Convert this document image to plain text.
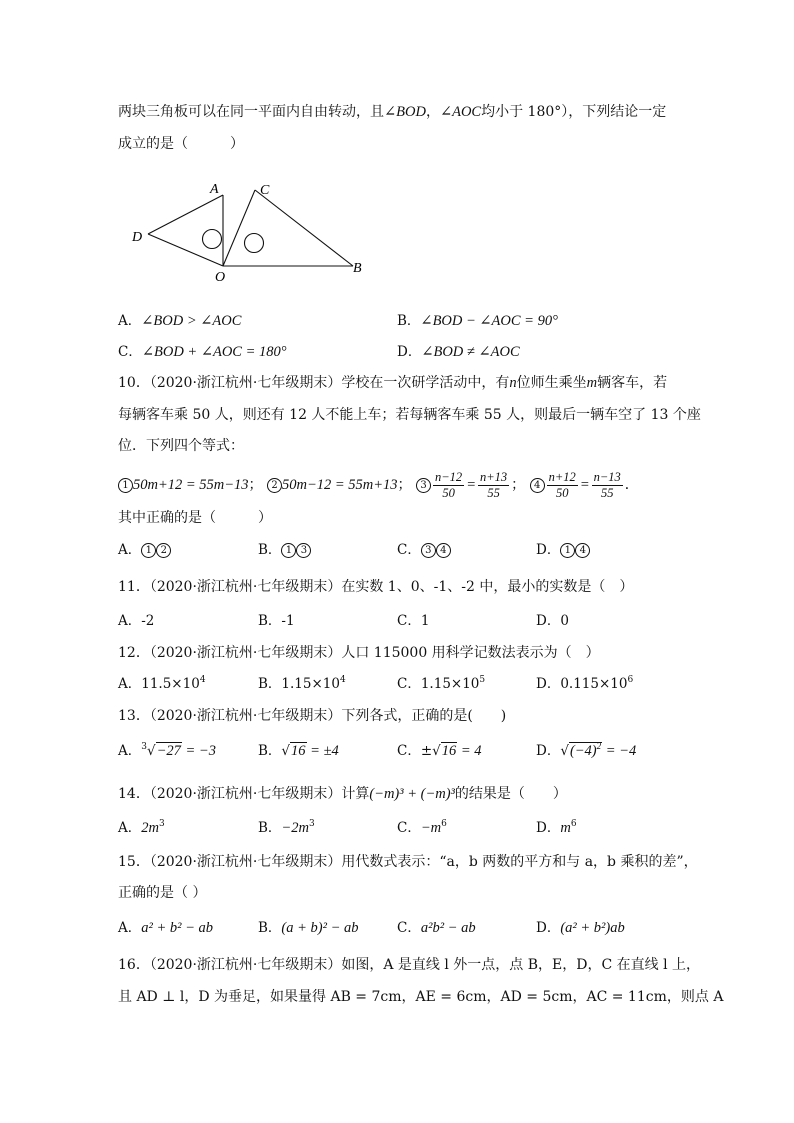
两块三角板可以在同一平面内自由转动，且∠BOD，∠AOC均小于 180°），下列结论一定
成立的是（　　　）
A	C
D
O
B
A．∠BOD > ∠AOC	B．∠BOD − ∠AOC = 90°
C．∠BOD + ∠AOC = 180°	D．∠BOD ≠ ∠AOC
10．（2020·浙江杭州·七年级期末）学校在一次研学活动中，有n位师生乘坐m辆客车，若
每辆客车乘 50 人，则还有 12 人不能上车；若每辆客车乘 55 人，则最后一辆车空了 13 个座
位．下列四个等式：
1 50m+12 = 55m−13； 2 50m−12 = 55m+13； $3 \frac{n-12}{50} = \frac{n+13}{55}$ ； $4 \frac{n+12}{50} = \frac{n-13}{55}$ ．
其中正确的是（　　　）
A． 1 2	B． 1 3	C． 3 4	D． 1 4
11．（2020·浙江杭州·七年级期末）在实数 1、0、-1、-2 中，最小的实数是（　）
A．-2	B．-1	C．1	D．0
12．（2020·浙江杭州·七年级期末）人口 115000 用科学记数法表示为（　）
A．$11.5\times 10^4$	B．$1.15\times 10^4$	C．$1.15\times 10^5$	D．$0.115\times 10^6$
13．（2020·浙江杭州·七年级期末）下列各式，正确的是(　　)
A．$^3$√−27 = −3	B．√16 = ±4	C．±√16 = 4	D．$√(-4)^2 = -4$
14．（2020·浙江杭州·七年级期末）计算(−m)³ + (−m)³的结果是（　　）
A．$2m^3$	B．$-2m^3$	C．$-m^6$	D．$m^6$
15．（2020·浙江杭州·七年级期末）用代数式表示：“a，b 两数的平方和与 a，b 乘积的差”，
正确的是（ ）
A．a² + b² − ab	B．(a + b)² − ab	C．a²b² − ab	D．(a² + b²)ab
16．（2020·浙江杭州·七年级期末）如图，A 是直线 l 外一点，点 B，E，D，C 在直线 l 上，
且 AD ⊥ l，D 为垂足，如果量得 AB = 7cm，AE = 6cm，AD = 5cm，AC = 11cm，则点 A
